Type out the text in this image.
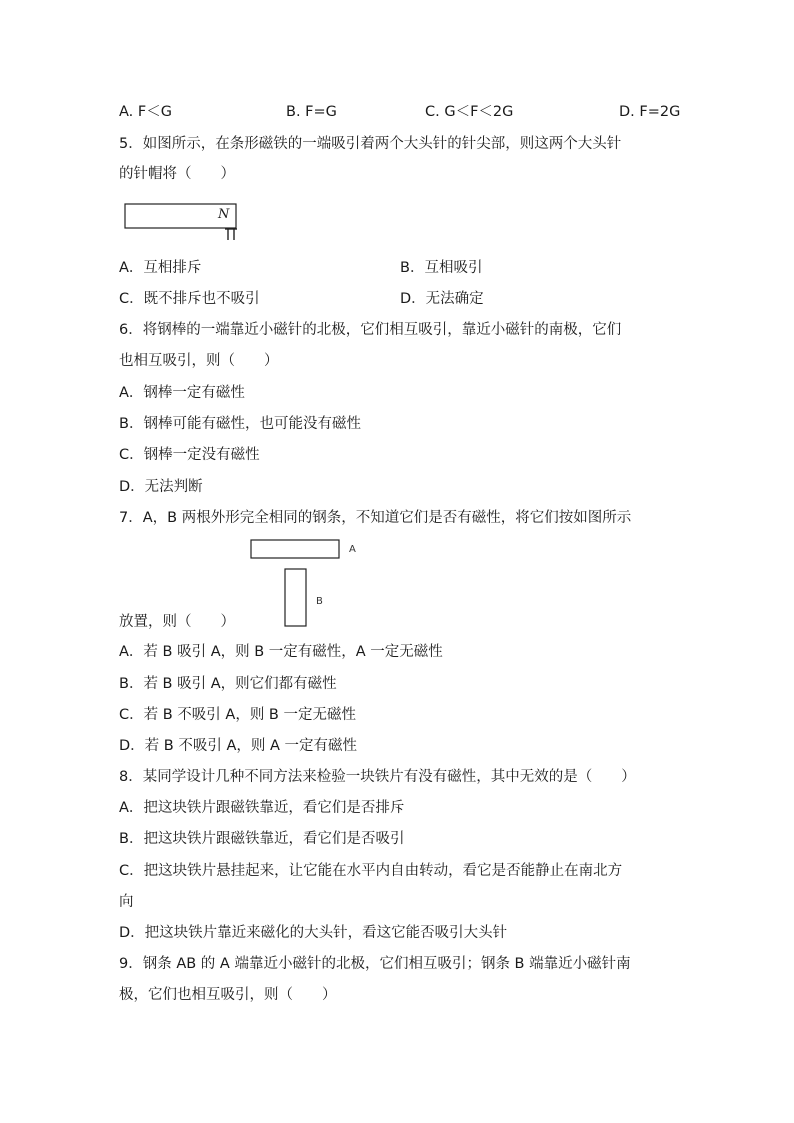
A. F＜G	B. F=G	C. G＜F＜2G	D. F=2G
5．如图所示，在条形磁铁的一端吸引着两个大头针的针尖部，则这两个大头针
的针帽将（　　）
N
A．互相排斥	B．互相吸引
C．既不排斥也不吸引	D．无法确定
6．将钢棒的一端靠近小磁针的北极，它们相互吸引，靠近小磁针的南极，它们
也相互吸引，则（　　）
A．钢棒一定有磁性
B．钢棒可能有磁性，也可能没有磁性
C．钢棒一定没有磁性
D．无法判断
7．A，B 两根外形完全相同的钢条，不知道它们是否有磁性，将它们按如图所示
A
B
放置，则（　　）
A．若 B 吸引 A，则 B 一定有磁性，A 一定无磁性
B．若 B 吸引 A，则它们都有磁性
C．若 B 不吸引 A，则 B 一定无磁性
D．若 B 不吸引 A，则 A 一定有磁性
8．某同学设计几种不同方法来检验一块铁片有没有磁性，其中无效的是（　　）
A．把这块铁片跟磁铁靠近，看它们是否排斥
B．把这块铁片跟磁铁靠近，看它们是否吸引
C．把这块铁片悬挂起来，让它能在水平内自由转动，看它是否能静止在南北方
向
D．把这块铁片靠近来磁化的大头针，看这它能否吸引大头针
9．钢条 AB 的 A 端靠近小磁针的北极，它们相互吸引；钢条 B 端靠近小磁针南
极，它们也相互吸引，则（　　）
